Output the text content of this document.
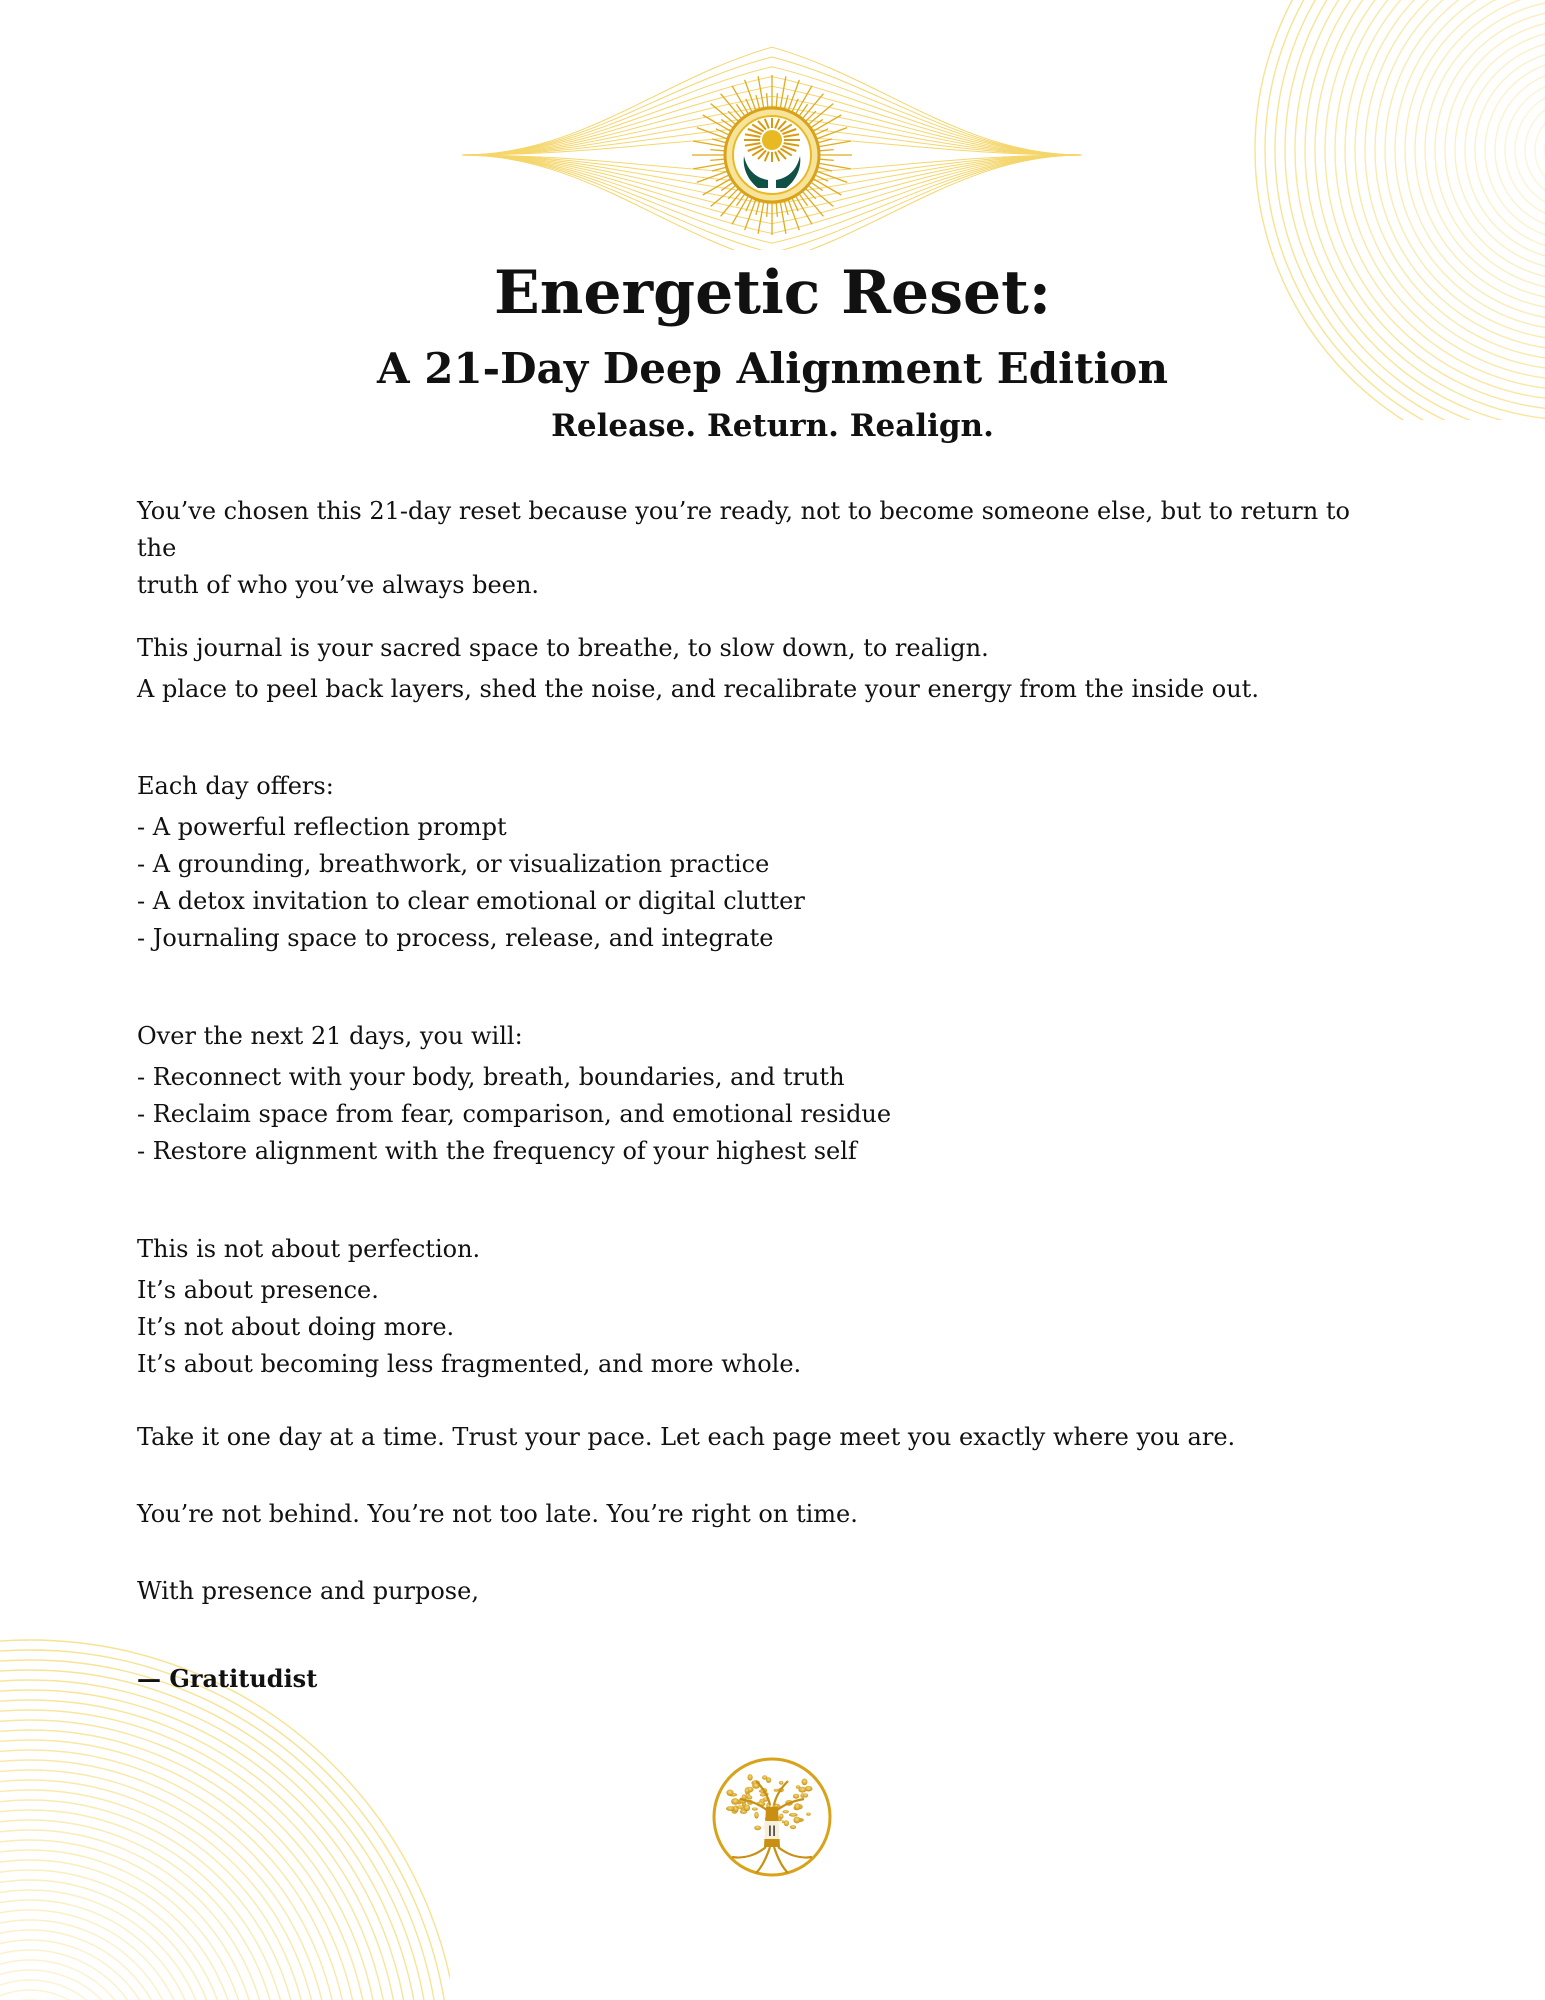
Energetic Reset:
A 21-Day Deep Alignment Edition
Release. Return. Realign.

You’ve chosen this 21-day reset because you’re ready, not to become someone else, but to return to the

truth of who you’ve always been.

This journal is your sacred space to breathe, to slow down, to realign.

A place to peel back layers, shed the noise, and recalibrate your energy from the inside out.

Each day offers:

- A powerful reflection prompt

- A grounding, breathwork, or visualization practice

- A detox invitation to clear emotional or digital clutter

- Journaling space to process, release, and integrate

Over the next 21 days, you will:

- Reconnect with your body, breath, boundaries, and truth

- Reclaim space from fear, comparison, and emotional residue

- Restore alignment with the frequency of your highest self

This is not about perfection.

It’s about presence.

It’s not about doing more.

It’s about becoming less fragmented, and more whole.

Take it one day at a time. Trust your pace. Let each page meet you exactly where you are.
You’re not behind. You’re not too late. You’re right on time.
With presence and purpose,
— Gratitudist
II
